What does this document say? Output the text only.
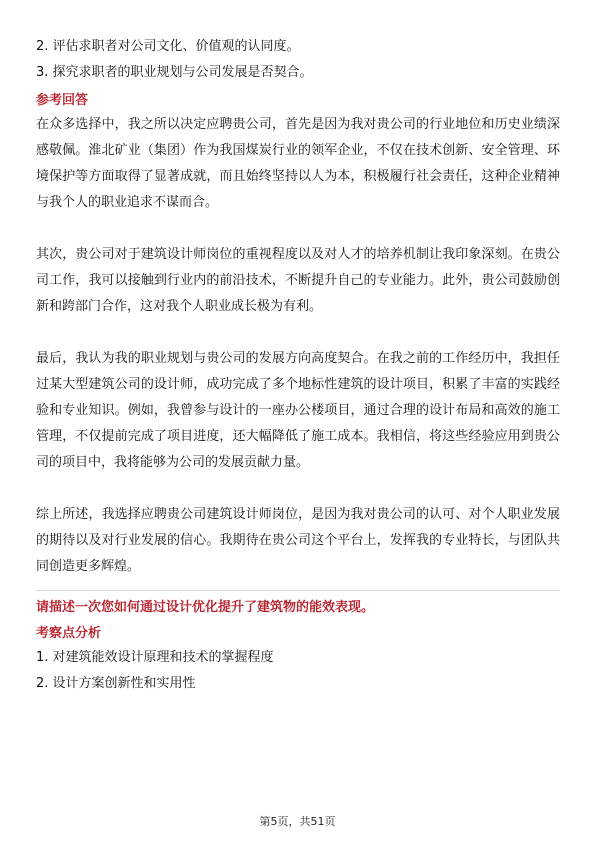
2. 评估求职者对公司文化、价值观的认同度。

3. 探究求职者的职业规划与公司发展是否契合。

参考回答

在众多选择中，我之所以决定应聘贵公司，首先是因为我对贵公司的行业地位和历史业绩深感敬佩。淮北矿业（集团）作为我国煤炭行业的领军企业，不仅在技术创新、安全管理、环境保护等方面取得了显著成就，而且始终坚持以人为本，积极履行社会责任，这种企业精神与我个人的职业追求不谋而合。

其次，贵公司对于建筑设计师岗位的重视程度以及对人才的培养机制让我印象深刻。在贵公司工作，我可以接触到行业内的前沿技术，不断提升自己的专业能力。此外，贵公司鼓励创新和跨部门合作，这对我个人职业成长极为有利。

最后，我认为我的职业规划与贵公司的发展方向高度契合。在我之前的工作经历中，我担任过某大型建筑公司的设计师，成功完成了多个地标性建筑的设计项目，积累了丰富的实践经验和专业知识。例如，我曾参与设计的一座办公楼项目，通过合理的设计布局和高效的施工管理，不仅提前完成了项目进度，还大幅降低了施工成本。我相信，将这些经验应用到贵公司的项目中，我将能够为公司的发展贡献力量。

综上所述，我选择应聘贵公司建筑设计师岗位，是因为我对贵公司的认可、对个人职业发展的期待以及对行业发展的信心。我期待在贵公司这个平台上，发挥我的专业特长，与团队共同创造更多辉煌。

请描述一次您如何通过设计优化提升了建筑物的能效表现。

考察点分析

1. 对建筑能效设计原理和技术的掌握程度

2. 设计方案创新性和实用性

第5页，共51页
